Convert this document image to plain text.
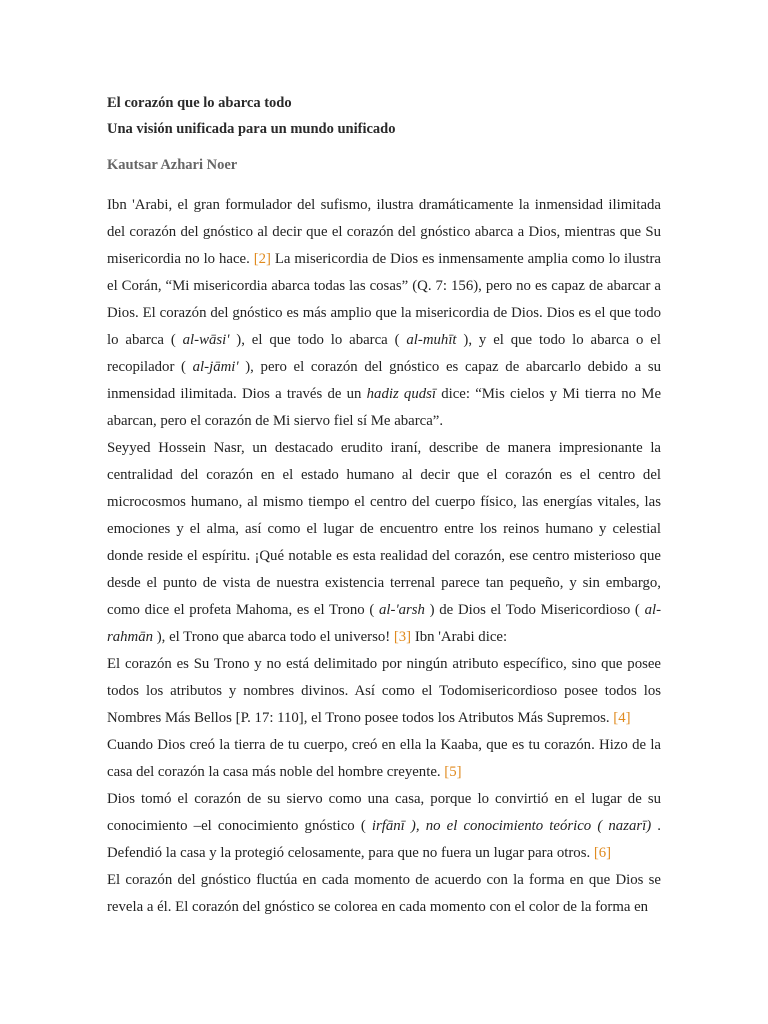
El corazón que lo abarca todo

Una visión unificada para un mundo unificado

Kautsar Azhari Noer

Ibn 'Arabi, el gran formulador del sufismo, ilustra dramáticamente la inmensidad ilimitada del corazón del gnóstico al decir que el corazón del gnóstico abarca a Dios, mientras que Su misericordia no lo hace. [2] La misericordia de Dios es inmensamente amplia como lo ilustra el Corán, “Mi misericordia abarca todas las cosas” (Q. 7: 156), pero no es capaz de abarcar a Dios. El corazón del gnóstico es más amplio que la misericordia de Dios. Dios es el que todo lo abarca ( al-wāsi' ), el que todo lo abarca ( al-muhīt ), y el que todo lo abarca o el recopilador ( al-jāmi' ), pero el corazón del gnóstico es capaz de abarcarlo debido a su inmensidad ilimitada. Dios a través de un hadiz qudsī dice: “Mis cielos y Mi tierra no Me abarcan, pero el corazón de Mi siervo fiel sí Me abarca”.

Seyyed Hossein Nasr, un destacado erudito iraní, describe de manera impresionante la centralidad del corazón en el estado humano al decir que el corazón es el centro del microcosmos humano, al mismo tiempo el centro del cuerpo físico, las energías vitales, las emociones y el alma, así como el lugar de encuentro entre los reinos humano y celestial donde reside el espíritu. ¡Qué notable es esta realidad del corazón, ese centro misterioso que desde el punto de vista de nuestra existencia terrenal parece tan pequeño, y sin embargo, como dice el profeta Mahoma, es el Trono ( al-'arsh ) de Dios el Todo Misericordioso ( al-rahmān ), el Trono que abarca todo el universo! [3] Ibn 'Arabi dice:

El corazón es Su Trono y no está delimitado por ningún atributo específico, sino que posee todos los atributos y nombres divinos. Así como el Todomisericordioso posee todos los Nombres Más Bellos [P. 17: 110], el Trono posee todos los Atributos Más Supremos. [4]

Cuando Dios creó la tierra de tu cuerpo, creó en ella la Kaaba, que es tu corazón. Hizo de la casa del corazón la casa más noble del hombre creyente. [5]

Dios tomó el corazón de su siervo como una casa, porque lo convirtió en el lugar de su conocimiento –el conocimiento gnóstico ( irfānī ), no el conocimiento teórico ( nazarī) . Defendió la casa y la protegió celosamente, para que no fuera un lugar para otros. [6]

El corazón del gnóstico fluctúa en cada momento de acuerdo con la forma en que Dios se revela a él. El corazón del gnóstico se colorea en cada momento con el color de la forma en
